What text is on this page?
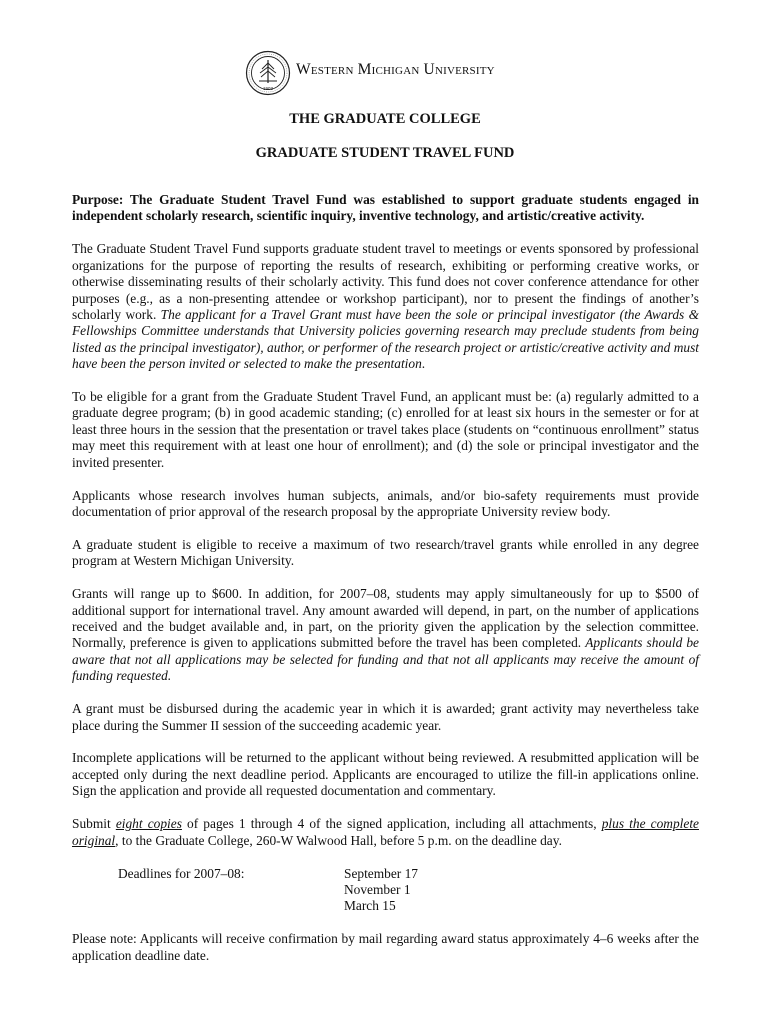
1903
Western Michigan University
THE GRADUATE COLLEGE
GRADUATE STUDENT TRAVEL FUND

Purpose: The Graduate Student Travel Fund was established to support graduate students engaged in independent scholarly research, scientific inquiry, inventive technology, and artistic/creative activity.

The Graduate Student Travel Fund supports graduate student travel to meetings or events sponsored by professional organizations for the purpose of reporting the results of research, exhibiting or performing creative works, or otherwise disseminating results of their scholarly activity. This fund does not cover conference attendance for other purposes (e.g., as a non-presenting attendee or workshop participant), nor to present the findings of another’s scholarly work. The applicant for a Travel Grant must have been the sole or principal investigator (the Awards & Fellowships Committee understands that University policies governing research may preclude students from being listed as the principal investigator), author, or performer of the research project or artistic/creative activity and must have been the person invited or selected to make the presentation.

To be eligible for a grant from the Graduate Student Travel Fund, an applicant must be: (a) regularly admitted to a graduate degree program; (b) in good academic standing; (c) enrolled for at least six hours in the semester or for at least three hours in the session that the presentation or travel takes place (students on “continuous enrollment” status may meet this requirement with at least one hour of enrollment); and (d) the sole or principal investigator and the invited presenter.

Applicants whose research involves human subjects, animals, and/or bio-safety requirements must provide documentation of prior approval of the research proposal by the appropriate University review body.

A graduate student is eligible to receive a maximum of two research/travel grants while enrolled in any degree program at Western Michigan University.

Grants will range up to $600. In addition, for 2007–08, students may apply simultaneously for up to $500 of additional support for international travel. Any amount awarded will depend, in part, on the number of applications received and the budget available and, in part, on the priority given the application by the selection committee. Normally, preference is given to applications submitted before the travel has been completed. Applicants should be aware that not all applications may be selected for funding and that not all applicants may receive the amount of funding requested.

A grant must be disbursed during the academic year in which it is awarded; grant activity may nevertheless take place during the Summer II session of the succeeding academic year.

Incomplete applications will be returned to the applicant without being reviewed. A resubmitted application will be accepted only during the next deadline period. Applicants are encouraged to utilize the fill-in applications online. Sign the application and provide all requested documentation and commentary.

Submit eight copies of pages 1 through 4 of the signed application, including all attachments, plus the complete original, to the Graduate College, 260-W Walwood Hall, before 5 p.m. on the deadline day.

Deadlines for 2007–08:	September 17
November 1
March 15

Please note: Applicants will receive confirmation by mail regarding award status approximately 4–6 weeks after the application deadline date.
